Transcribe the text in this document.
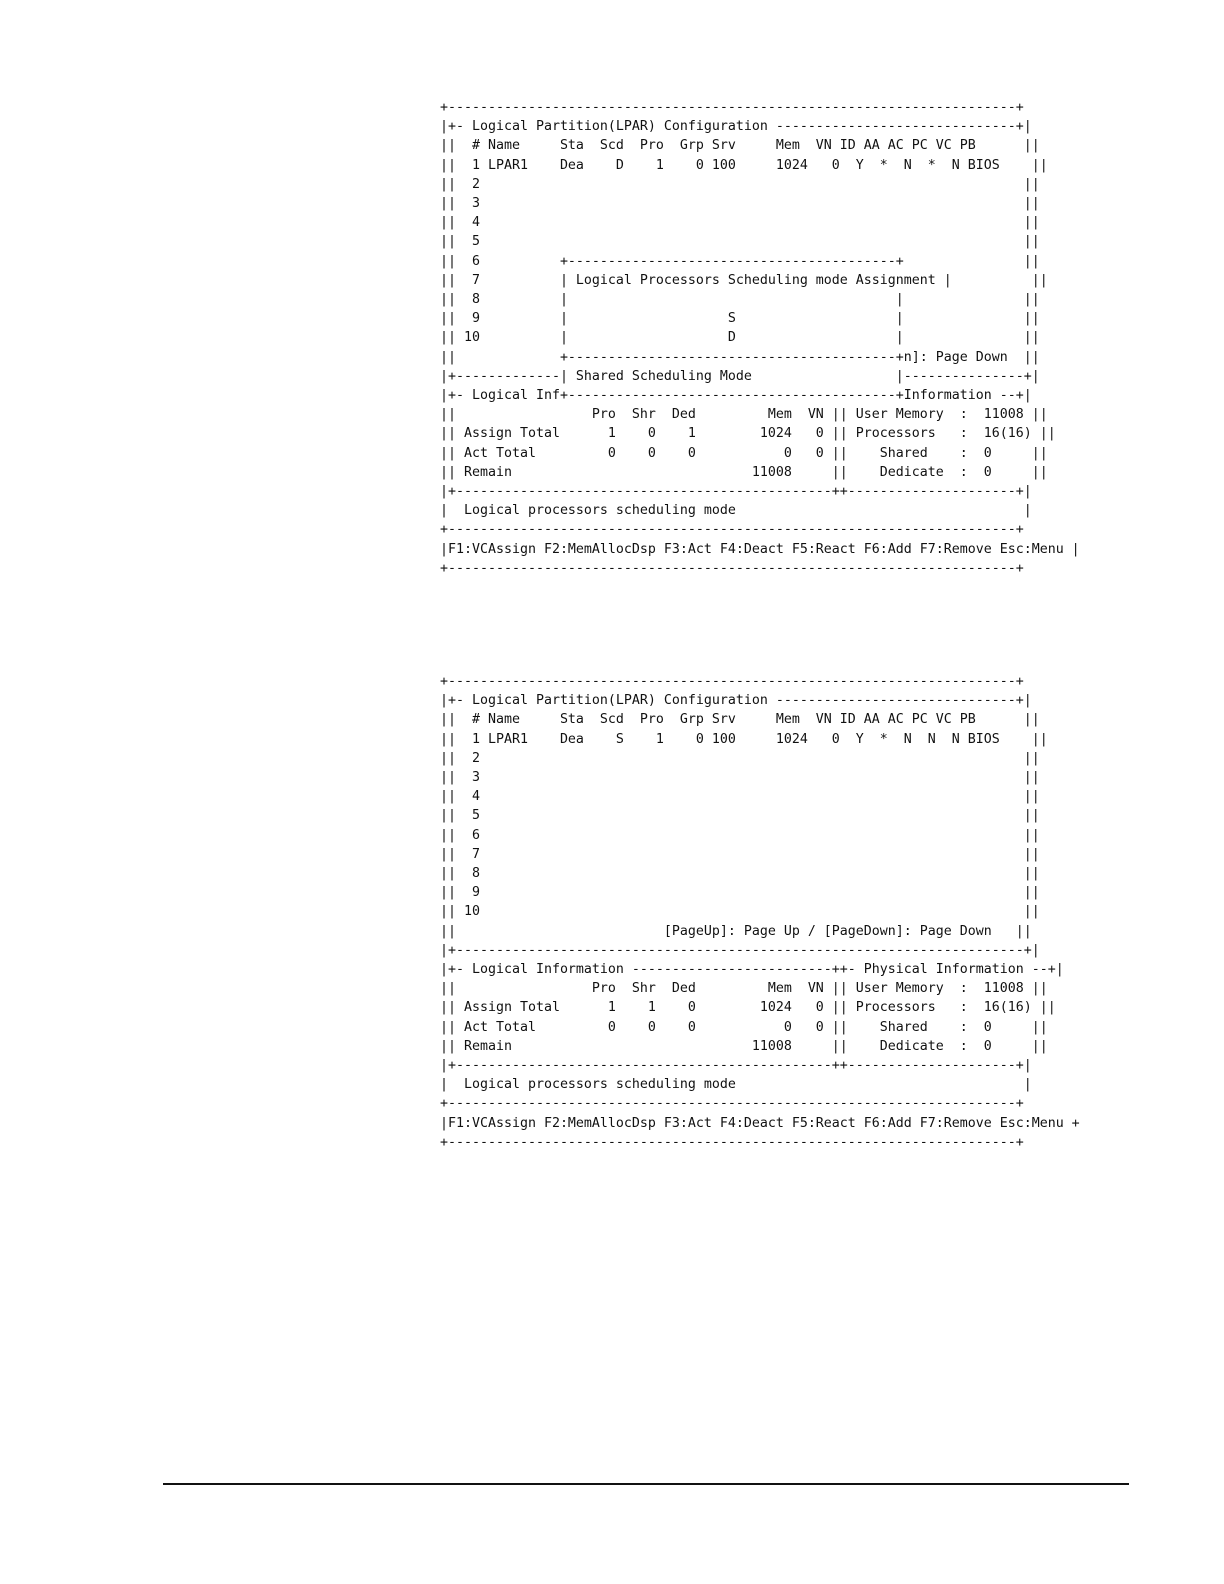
+-----------------------------------------------------------------------+
|+- Logical Partition(LPAR) Configuration ------------------------------+|
||  # Name     Sta  Scd  Pro  Grp Srv     Mem  VN ID AA AC PC VC PB      ||
||  1 LPAR1    Dea    D    1    0 100     1024   0  Y  *  N  *  N BIOS    ||
||  2                                                                    ||
||  3                                                                    ||
||  4                                                                    ||
||  5                                                                    ||
||  6          +-----------------------------------------+               ||
||  7          | Logical Processors Scheduling mode Assignment |          ||
||  8          |                                         |               ||
||  9          |                    S                    |               ||
|| 10          |                    D                    |               ||
||             +-----------------------------------------+n]: Page Down  ||
|+-------------| Shared Scheduling Mode                  |---------------+|
|+- Logical Inf+-----------------------------------------+Information --+|
||                 Pro  Shr  Ded         Mem  VN || User Memory  :  11008 ||
|| Assign Total      1    0    1        1024   0 || Processors   :  16(16) ||
|| Act Total         0    0    0           0   0 ||    Shared    :  0     ||
|| Remain                              11008     ||    Dedicate  :  0     ||
|+-----------------------------------------------++---------------------+|
|  Logical processors scheduling mode                                    |
+-----------------------------------------------------------------------+
|F1:VCAssign F2:MemAllocDsp F3:Act F4:Deact F5:React F6:Add F7:Remove Esc:Menu |
+-----------------------------------------------------------------------+
+-----------------------------------------------------------------------+
|+- Logical Partition(LPAR) Configuration ------------------------------+|
||  # Name     Sta  Scd  Pro  Grp Srv     Mem  VN ID AA AC PC VC PB      ||
||  1 LPAR1    Dea    S    1    0 100     1024   0  Y  *  N  N  N BIOS    ||
||  2                                                                    ||
||  3                                                                    ||
||  4                                                                    ||
||  5                                                                    ||
||  6                                                                    ||
||  7                                                                    ||
||  8                                                                    ||
||  9                                                                    ||
|| 10                                                                    ||
||                          [PageUp]: Page Up / [PageDown]: Page Down   ||
|+-----------------------------------------------------------------------+|
|+- Logical Information -------------------------++- Physical Information --+|
||                 Pro  Shr  Ded         Mem  VN || User Memory  :  11008 ||
|| Assign Total      1    1    0        1024   0 || Processors   :  16(16) ||
|| Act Total         0    0    0           0   0 ||    Shared    :  0     ||
|| Remain                              11008     ||    Dedicate  :  0     ||
|+-----------------------------------------------++---------------------+|
|  Logical processors scheduling mode                                    |
+-----------------------------------------------------------------------+
|F1:VCAssign F2:MemAllocDsp F3:Act F4:Deact F5:React F6:Add F7:Remove Esc:Menu +
+-----------------------------------------------------------------------+
